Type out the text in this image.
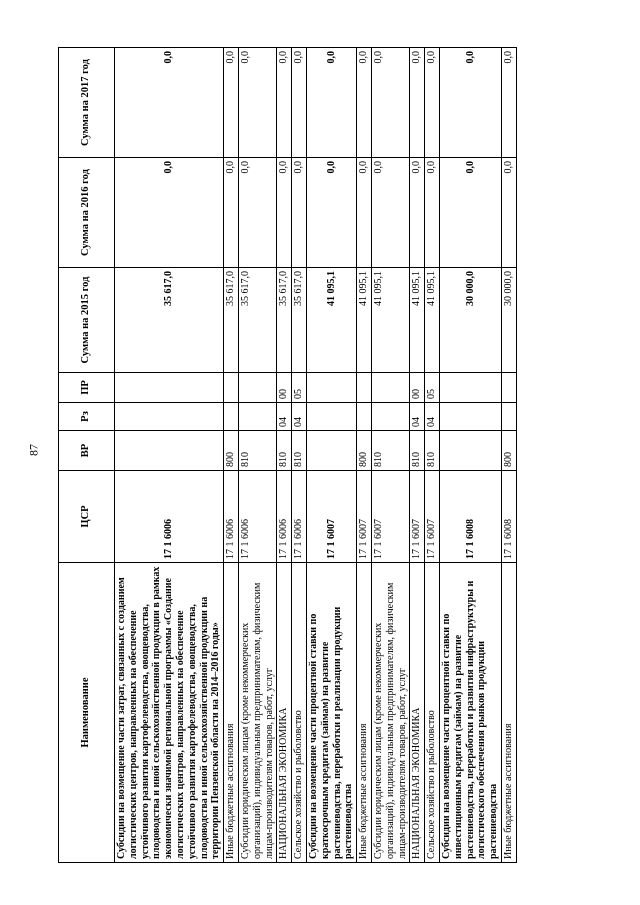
87
Наименование	ЦСР	ВР	Рз	ПР	Сумма на 2015 год	Сумма на 2016 год	Сумма на 2017 год

Субсидии на возмещение части затрат, связанных с созданием логистических центров, направленных на обеспечение устойчивого развития картофелеводства, овощеводства, плодоводства и иной сельскохозяйственной продукции в рамках экономически значимой региональной программы «Создание логистических центров, направленных на обеспечение устойчивого развития картофелеводства, овощеводства, плодоводства и иной сельскохозяйственной продукции на территории Пензенской области на 2014–2016 годы»	17 1 6006				35 617,0	0,0	0,0
Иные бюджетные ассигнования	17 1 6006	800			35 617,0	0,0	0,0
Субсидии юридическим лицам (кроме некоммерческих организаций), индивидуальным предпринимателям, физическим лицам-производителям товаров, работ, услуг	17 1 6006	810			35 617,0	0,0	0,0
НАЦИОНАЛЬНАЯ ЭКОНОМИКА	17 1 6006	810	04	00	35 617,0	0,0	0,0
Сельское хозяйство и рыболовство	17 1 6006	810	04	05	35 617,0	0,0	0,0
Субсидии на возмещение части процентной ставки по краткосрочным кредитам (займам) на развитие растениеводства, переработки и реализации продукции растениеводства	17 1 6007				41 095,1	0,0	0,0
Иные бюджетные ассигнования	17 1 6007	800			41 095,1	0,0	0,0
Субсидии юридическим лицам (кроме некоммерческих организаций), индивидуальным предпринимателям, физическим лицам-производителям товаров, работ, услуг	17 1 6007	810			41 095,1	0,0	0,0
НАЦИОНАЛЬНАЯ ЭКОНОМИКА	17 1 6007	810	04	00	41 095,1	0,0	0,0
Сельское хозяйство и рыболовство	17 1 6007	810	04	05	41 095,1	0,0	0,0
Субсидии на возмещение части процентной ставки по инвестиционным кредитам (займам) на развитие растениеводства, переработки и развития инфраструктуры и логистического обеспечения рынков продукции растениеводства	17 1 6008				30 000,0	0,0	0,0
Иные бюджетные ассигнования	17 1 6008	800			30 000,0	0,0	0,0
